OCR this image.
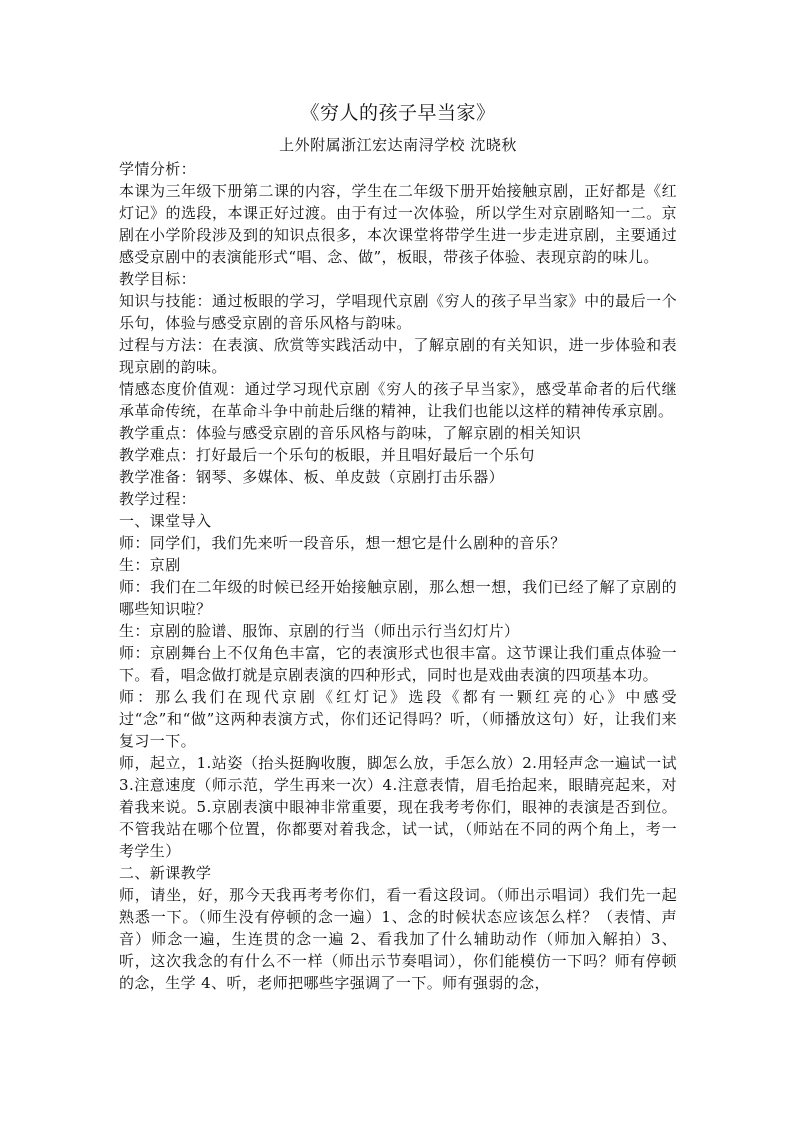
《穷人的孩子早当家》
上外附属浙江宏达南浔学校 沈晓秋

学情分析：

本课为三年级下册第二课的内容，学生在二年级下册开始接触京剧，正好都是《红灯记》的选段，本课正好过渡。由于有过一次体验，所以学生对京剧略知一二。京剧在小学阶段涉及到的知识点很多，本次课堂将带学生进一步走进京剧，主要通过感受京剧中的表演能形式“唱、念、做”，板眼，带孩子体验、表现京韵的味儿。

教学目标：

知识与技能：通过板眼的学习，学唱现代京剧《穷人的孩子早当家》中的最后一个乐句，体验与感受京剧的音乐风格与韵味。

过程与方法：在表演、欣赏等实践活动中，了解京剧的有关知识，进一步体验和表现京剧的韵味。

情感态度价值观：通过学习现代京剧《穷人的孩子早当家》，感受革命者的后代继承革命传统，在革命斗争中前赴后继的精神，让我们也能以这样的精神传承京剧。

教学重点：体验与感受京剧的音乐风格与韵味，了解京剧的相关知识

教学难点：打好最后一个乐句的板眼，并且唱好最后一个乐句

教学准备：钢琴、多媒体、板、单皮鼓（京剧打击乐器）

教学过程：

一、课堂导入

师：同学们，我们先来听一段音乐，想一想它是什么剧种的音乐？

生：京剧

师：我们在二年级的时候已经开始接触京剧，那么想一想，我们已经了解了京剧的哪些知识啦？

生：京剧的脸谱、服饰、京剧的行当（师出示行当幻灯片）

师：京剧舞台上不仅角色丰富，它的表演形式也很丰富。这节课让我们重点体验一下。看，唱念做打就是京剧表演的四种形式，同时也是戏曲表演的四项基本功。

师：那么我们在现代京剧《红灯记》选段《都有一颗红亮的心》中感受过“念”和“做”这两种表演方式，你们还记得吗？听，（师播放这句）好，让我们来复习一下。

师，起立，1.站姿（抬头挺胸收腹，脚怎么放，手怎么放）2.用轻声念一遍试一试 3.注意速度（师示范，学生再来一次）4.注意表情，眉毛抬起来，眼睛亮起来，对着我来说。5.京剧表演中眼神非常重要，现在我考考你们，眼神的表演是否到位。不管我站在哪个位置，你都要对着我念，试一试，（师站在不同的两个角上，考一考学生）

二、新课教学

师，请坐，好，那今天我再考考你们，看一看这段词。（师出示唱词）我们先一起熟悉一下。（师生没有停顿的念一遍）1、念的时候状态应该怎么样？（表情、声音）师念一遍，生连贯的念一遍 2、看我加了什么辅助动作（师加入解拍）3、听，这次我念的有什么不一样（师出示节奏唱词），你们能模仿一下吗？师有停顿的念，生学 4、听，老师把哪些字强调了一下。师有强弱的念，
